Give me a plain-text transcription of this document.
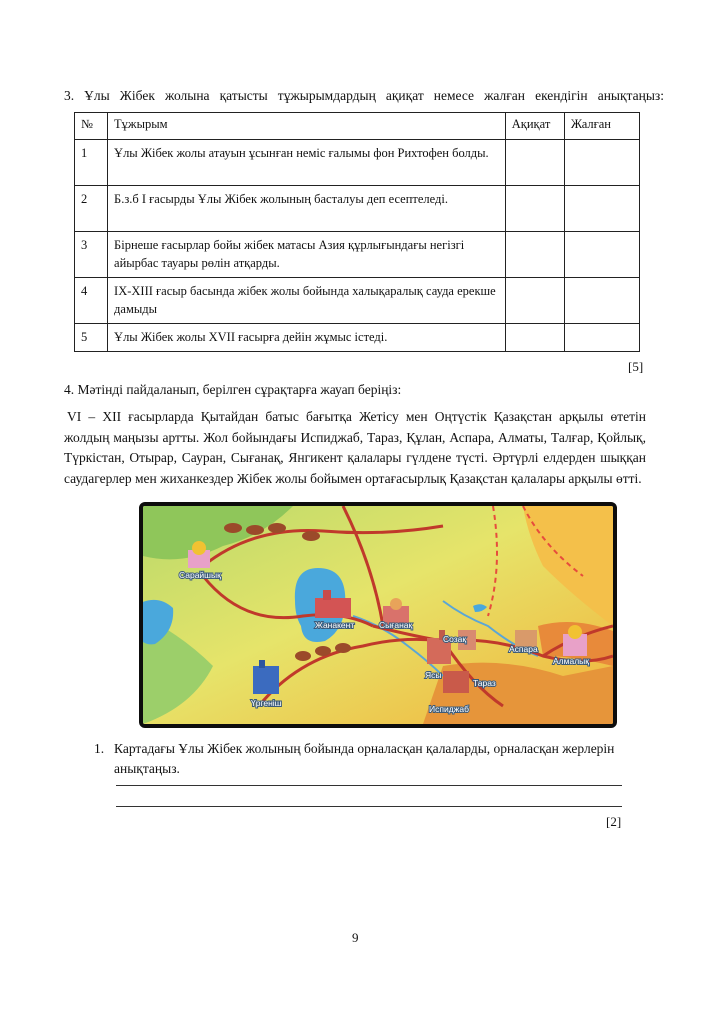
3. Ұлы Жібек жолына қатысты тұжырымдардың ақиқат немесе жалған екендігін анықтаңыз:
№	Тұжырым	Ақиқат	Жалған
1	Ұлы Жібек жолы атауын ұсынған неміс ғалымы фон Рихтофен болды.		
2	Б.з.б І ғасырды Ұлы Жібек жолының басталуы деп есептеледі.		
3	Бірнеше ғасырлар бойы жібек матасы Азия құрлығындағы негізгі айырбас тауары рөлін атқарды.		
4	ІХ-ХІІІ ғасыр басында жібек жолы бойында халықаралық сауда ерекше дамыды		
5	Ұлы Жібек жолы ХVІІ ғасырға дейін жұмыс істеді.		
[5]
4. Мәтінді пайдаланып, берілген сұрақтарға жауап беріңіз:
VI – XII ғасырларда Қытайдан батыс бағытқа Жетісу мен Оңтүстік Қазақстан арқылы өтетін жолдың маңызы артты. Жол бойындағы Испиджаб, Тараз, Құлан, Аспара, Алматы, Талғар, Қойлық, Түркістан, Отырар, Сауран, Сығанақ, Янгикент қалалары гүлдене түсті. Әртүрлі елдерден шыққан саудагерлер мен жиханкездер Жібек жолы бойымен ортағасырлық Қазақстан қалалары арқылы өтті.
Сарайшық
Жанакент	Сығанақ
Созақ
Аспара
Алмалық
Ясы
Тараз
Испиджаб
Үргеніш
1. Картадағы Ұлы Жібек жолының бойында орналасқан қалаларды, орналасқан жерлерін анықтаңыз.
[2]
9
